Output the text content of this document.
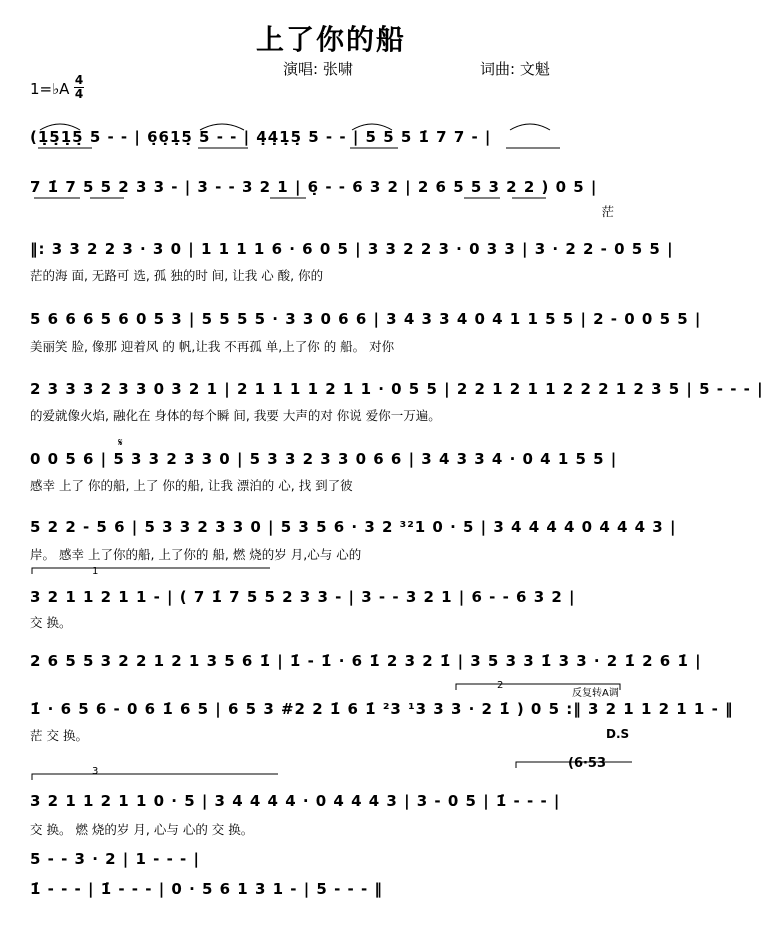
上了你的船
演唱: 张啸	词曲: 文魁
1=♭A 4
4
(1̣5̣1̣5̣ 5 - - | 6̣6̣1̣5̣ 5 - - | 4̣4̣1̣5̣ 5 - - | 5 5 5 1̇ 7 7 - |
7 1̇ 7 5 5 2 3 3 - | 3 - - 3 2 1 | 6̣ - - 6 3 2 | 2 6 5 5 3 2 2 ) 0 5 |
茫
‖: 3 3 2 2 3 · 3 0 | 1 1 1 1 6 · 6 0 5 | 3 3 2 2 3 · 0 3 3 | 3 · 2 2 - 0 5 5 |
茫的海 面, 无路可 选, 孤 独的时 间, 让我 心 酸, 你的
5 6 6 6 5 6 0 5 3 | 5 5 5 5 · 3 3 0 6 6 | 3 4 3 3 4 0 4 1 1 5 5 | 2 - 0 0 5 5 |
美丽笑 脸, 像那 迎着风 的 帆,让我 不再孤 单,上了你 的 船。 对你
2 3 3 3 2 3 3 0 3 2 1 | 2 1 1 1 1 2 1 1 · 0 5 5 | 2 2 1 2 1 1 2 2 2 1 2 3 5 | 5 - - - |
的爱就像火焰, 融化在 身体的每个瞬 间, 我要 大声的对 你说 爱你一万遍。
𝄋
0 0 5 6 | 5 3 3 2 3 3 0 | 5 3 3 2 3 3 0 6 6 | 3 4 3 3 4 · 0 4 1 5 5 |
感幸 上了 你的船, 上了 你的船, 让我 漂泊的 心, 找 到了彼
5 2 2 - 5 6 | 5 3 3 2 3 3 0 | 5 3 5 6 · 3 2 ³²1 0 · 5 | 3 4 4 4 4 0 4 4 4 3 |
岸。 感幸 上了你的船, 上了你的 船, 燃 烧的岁 月,心与 心的
1
3 2 1 1 2 1 1 - | ( 7 1̇ 7 5 5 2 3 3 - | 3 - - 3 2 1 | 6 - - 6 3 2 |
交 换。
2 6 5 5 3 2 2 1 2 1 3 5 6 1̇ | 1̇ - 1̇ · 6 1̇ 2 3 2 1̇ | 3 5 3 3 1̇ 3 3 · 2 1̇ 2 6 1̇ |
2
反复转A调
1̇ · 6 5 6 - 0 6 1̇ 6 5 | 6 5 3 #2 2 1̇ 6 1̇ ²3 ¹3 3 3 · 2 1̇ ) 0 5 :‖ 3 2 1 1 2 1 1 - ‖
茫 交 换。	D.S
3
(6·53
3 2 1 1 2 1 1 0 · 5 | 3 4 4 4 4 · 0 4 4 4 3 | 3 - 0 5 | 1̇ - - - |
交 换。 燃 烧的岁 月, 心与 心的 交 换。
5 - - 3 · 2 | 1 - - - |
1̇ - - - | 1̇ - - - | 0 · 5 6 1 3 1 - | 5 - - - ‖
